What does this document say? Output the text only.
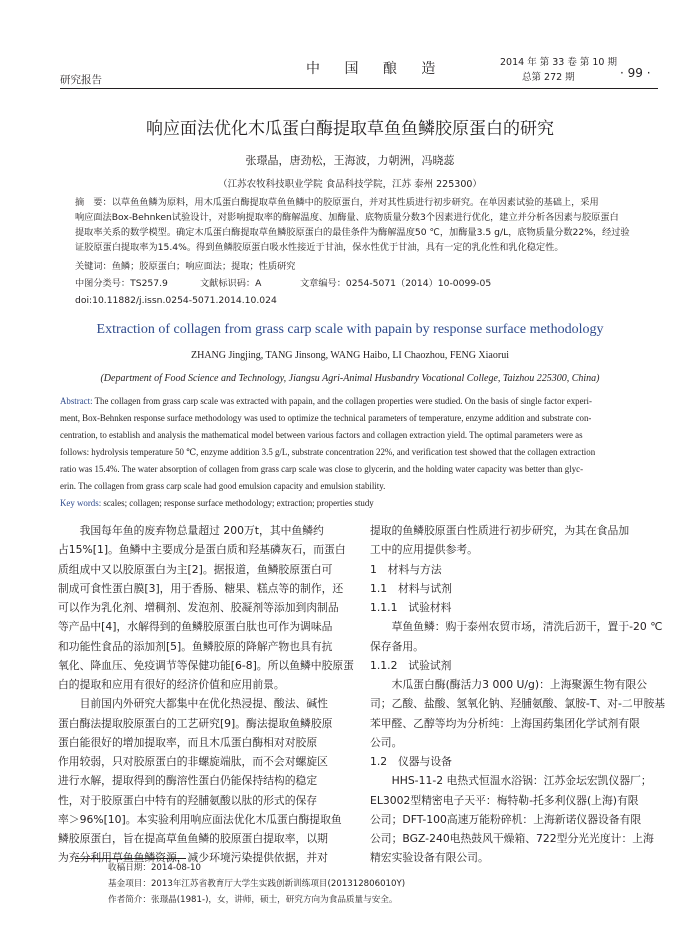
研究报告
中 国 酿 造	2014 年 第 33 卷 第 10 期
总第 272 期	· 99 ·
响应面法优化木瓜蛋白酶提取草鱼鱼鳞胶原蛋白的研究
张璟晶，唐劲松，王海波，力朝洲，冯晓蕊
（江苏农牧科技职业学院 食品科技学院，江苏 泰州 225300）
摘　要：以草鱼鱼鳞为原料，用木瓜蛋白酶提取草鱼鱼鳞中的胶原蛋白，并对其性质进行初步研究。在单因素试验的基础上，采用
响应面法Box-Behnken试验设计，对影响提取率的酶解温度、加酶量、底物质量分数3个因素进行优化，建立并分析各因素与胶原蛋白
提取率关系的数学模型。确定木瓜蛋白酶提取草鱼鳞胶原蛋白的最佳条件为酶解温度50 ℃，加酶量3.5 g/L，底物质量分数22%，经过验
证胶原蛋白提取率为15.4%。得到鱼鳞胶原蛋白吸水性接近于甘油，保水性优于甘油，具有一定的乳化性和乳化稳定性。
关键词：鱼鳞；胶原蛋白；响应面法；提取；性质研究
中图分类号：TS257.9	文献标识码：A	文章编号：0254-5071（2014）10-0099-05
doi:10.11882/j.issn.0254-5071.2014.10.024
Extraction of collagen from grass carp scale with papain by response surface methodology
ZHANG Jingjing, TANG Jinsong, WANG Haibo, LI Chaozhou, FENG Xiaorui
(Department of Food Science and Technology, Jiangsu Agri-Animal Husbandry Vocational College, Taizhou 225300, China)
Abstract: The collagen from grass carp scale was extracted with papain, and the collagen properties were studied. On the basis of single factor experi-
ment, Box-Behnken response surface methodology was used to optimize the technical parameters of temperature, enzyme addition and substrate con-
centration, to establish and analysis the mathematical model between various factors and collagen extraction yield. The optimal parameters were as
follows: hydrolysis temperature 50 ℃, enzyme addition 3.5 g/L, substrate concentration 22%, and verification test showed that the collagen extraction
ratio was 15.4%. The water absorption of collagen from grass carp scale was close to glycerin, and the holding water capacity was better than glyc-
erin. The collagen from grass carp scale had good emulsion capacity and emulsion stability.
Key words: scales; collagen; response surface methodology; extraction; properties study
　　我国每年鱼的废弃物总量超过 200万t，其中鱼鳞约
占15%[1]。鱼鳞中主要成分是蛋白质和羟基磷灰石，而蛋白
质组成中又以胶原蛋白为主[2]。据报道，鱼鳞胶原蛋白可
制成可食性蛋白膜[3]，用于香肠、糖果、糕点等的制作，还
可以作为乳化剂、增稠剂、发泡剂、胶凝剂等添加到肉制品
等产品中[4]，水解得到的鱼鳞胶原蛋白肽也可作为调味品
和功能性食品的添加剂[5]。鱼鳞胶原的降解产物也具有抗
氧化、降血压、免疫调节等保健功能[6-8]。所以鱼鳞中胶原蛋
白的提取和应用有很好的经济价值和应用前景。
　　目前国内外研究大都集中在优化热浸提、酸法、碱性
蛋白酶法提取胶原蛋白的工艺研究[9]。酶法提取鱼鳞胶原
蛋白能很好的增加提取率，而且木瓜蛋白酶相对对胶原
作用较弱，只对胶原蛋白的非螺旋端肽，而不会对螺旋区
进行水解，提取得到的酶溶性蛋白仍能保持结构的稳定
性，对于胶原蛋白中特有的羟脯氨酸以肽的形式的保存
率＞96%[10]。本实验利用响应面法优化木瓜蛋白酶提取鱼
鳞胶原蛋白，旨在提高草鱼鱼鳞的胶原蛋白提取率，以期
为充分利用草鱼鱼鳞资源，减少环境污染提供依据，并对
提取的鱼鳞胶原蛋白性质进行初步研究，为其在食品加
工中的应用提供参考。
1　材料与方法
1.1　材料与试剂
1.1.1　试验材料
　　草鱼鱼鳞：购于泰州农贸市场，清洗后沥干，置于-20 ℃
保存备用。
1.1.2　试验试剂
　　木瓜蛋白酶(酶活力3 000 U/g)：上海聚源生物有限公
司；乙酸、盐酸、氢氧化钠、羟脯氨酸、氯胺-T、对-二甲胺基
苯甲醛、乙醇等均为分析纯：上海国药集团化学试剂有限
公司。
1.2　仪器与设备
　　HHS-11-2 电热式恒温水浴锅：江苏金坛宏凯仪器厂；
EL3002型精密电子天平：梅特勒-托多利仪器(上海)有限
公司；DFT-100高速万能粉碎机：上海新诺仪器设备有限
公司；BGZ-240电热鼓风干燥箱、722型分光光度计：上海
精宏实验设备有限公司。
收稿日期：2014-08-10
基金项目：2013年江苏省教育厅大学生实践创新训练项目(201312806010Y)
作者简介：张璟晶(1981-)，女，讲师，硕士，研究方向为食品质量与安全。
